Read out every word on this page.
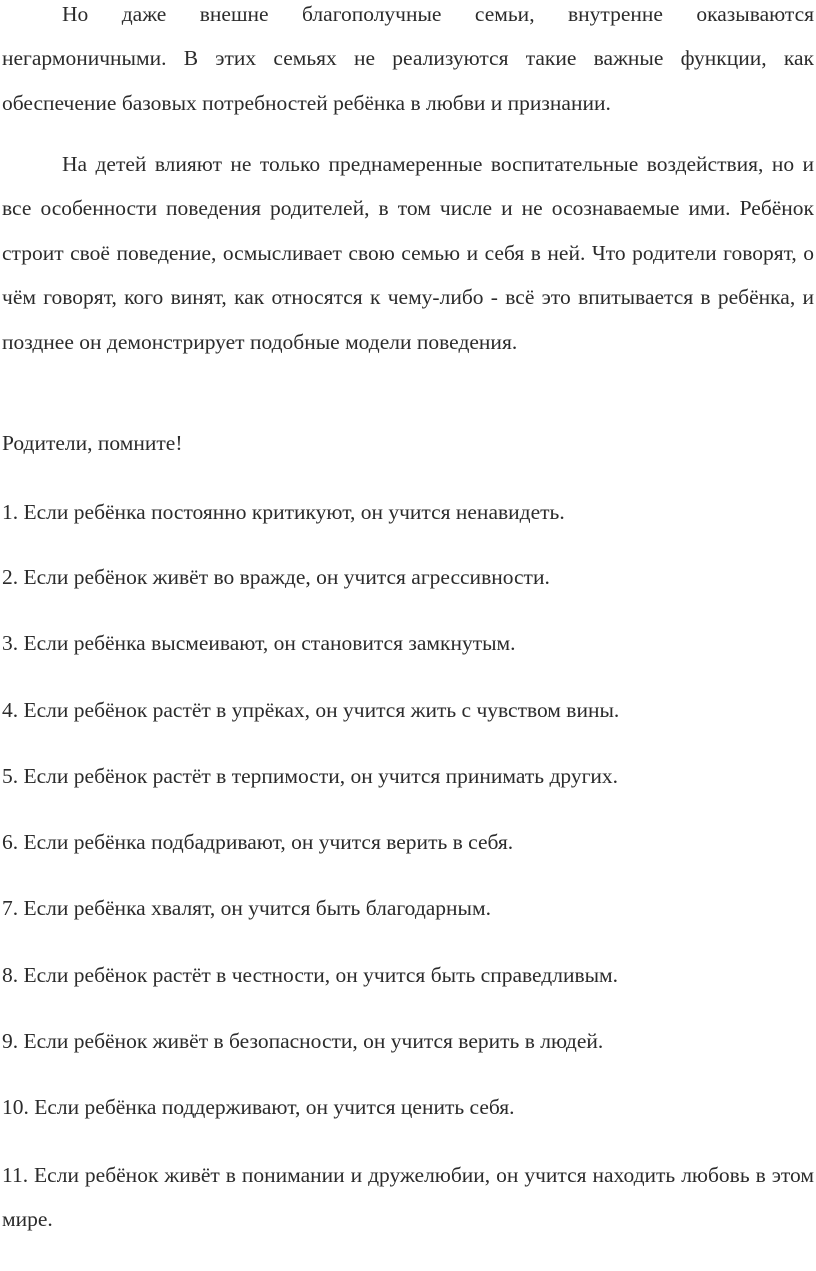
Но даже внешне благополучные семьи, внутренне оказываются негармоничными. В этих семьях не реализуются такие важные функции, как обеспечение базовых потребностей ребёнка в любви и признании.

На детей влияют не только преднамеренные воспитательные воздействия, но и все особенности поведения родителей, в том числе и не осознаваемые ими. Ребёнок строит своё поведение, осмысливает свою семью и себя в ней. Что родители говорят, о чём говорят, кого винят, как относятся к чему-либо - всё это впитывается в ребёнка, и позднее он демонстрирует подобные модели поведения.

Родители, помните!

1. Если ребёнка постоянно критикуют, он учится ненавидеть.

2. Если ребёнок живёт во вражде, он учится агрессивности.

3. Если ребёнка высмеивают, он становится замкнутым.

4. Если ребёнок растёт в упрёках, он учится жить с чувством вины.

5. Если ребёнок растёт в терпимости, он учится принимать других.

6. Если ребёнка подбадривают, он учится верить в себя.

7. Если ребёнка хвалят, он учится быть благодарным.

8. Если ребёнок растёт в честности, он учится быть справедливым.

9. Если ребёнок живёт в безопасности, он учится верить в людей.

10. Если ребёнка поддерживают, он учится ценить себя.

11. Если ребёнок живёт в понимании и дружелюбии, он учится находить любовь в этом мире.
